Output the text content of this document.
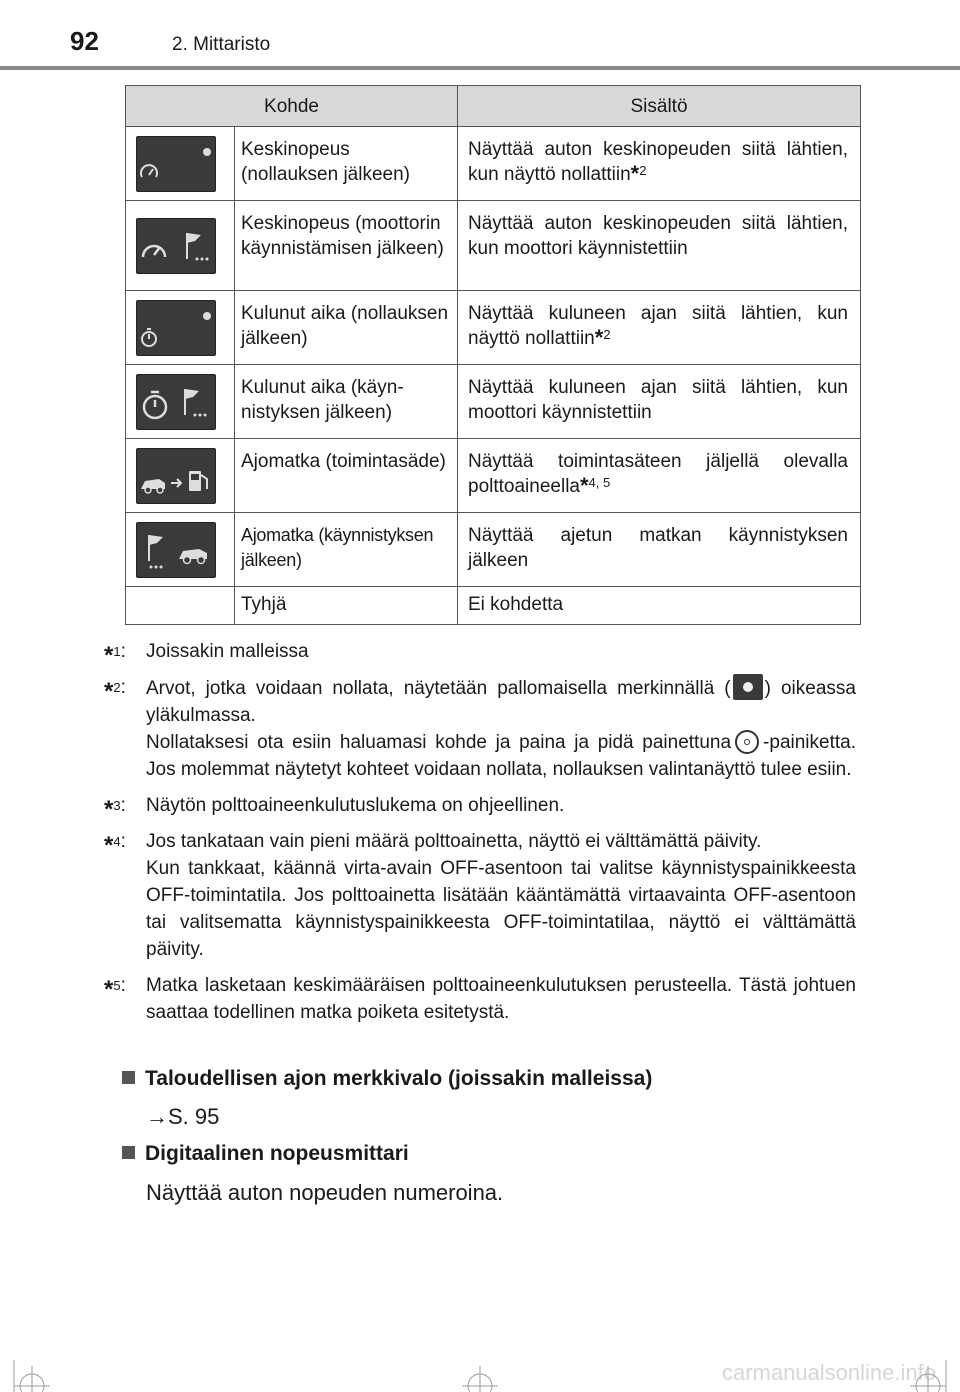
92	2. Mittaristo
Kohde		Sisältö

	Keskinopeus (nollauksen jälkeen)	Näyttää auton keskinopeuden siitä lähtien, kun näyttö nollattiin$^{*2}$

	Keskinopeus (moottorin käynnistämisen jälkeen)	Näyttää auton keskinopeuden siitä lähtien, kun moottori käynnistettiin

	Kulunut aika (nollauksen jälkeen)	Näyttää kuluneen ajan siitä lähtien, kun näyttö nollattiin$^{*2}$

	Kulunut aika (käynnistyksen jälkeen)	Näyttää kuluneen ajan siitä lähtien, kun moottori käynnistettiin

	Ajomatka (toimintasäde)	Näyttää toimintasäteen jäljellä olevalla polttoaineella$^{*4, 5}$

	Ajomatka (käynnistyksen jälkeen)	Näyttää ajetun matkan käynnistyksen jälkeen
	Tyhjä	Ei kohdetta
*$^1$: Joissakin malleissa

*$^2$: Arvot, jotka voidaan nollata, näytetään pallomaisella merkinnällä ( ) oikeassa yläkulmassa.

Nollataksesi ota esiin haluamasi kohde ja paina ja pidä painettuna -painiketta. Jos molemmat näytetyt kohteet voidaan nollata, nollauksen valintanäyttö tulee esiin.

*$^3$: Näytön polttoaineenkulutuslukema on ohjeellinen.

*$^4$: Jos tankataan vain pieni määrä polttoainetta, näyttö ei välttämättä päivity.

Kun tankkaat, käännä virta-avain OFF-asentoon tai valitse käynnistyspainikkeesta OFF-toimintatila. Jos polttoainetta lisätään kääntämättä virtaavainta OFF-asentoon tai valitsematta käynnistyspainikkeesta OFF-toimintatilaa, näyttö ei välttämättä päivity.

*$^5$: Matka lasketaan keskimääräisen polttoaineenkulutuksen perusteella. Tästä johtuen saattaa todellinen matka poiketa esitetystä.

Taloudellisen ajon merkkivalo (joissakin malleissa)
→S. 95
Digitaalinen nopeusmittari
Näyttää auton nopeuden numeroina.
carmanualsonline.info
